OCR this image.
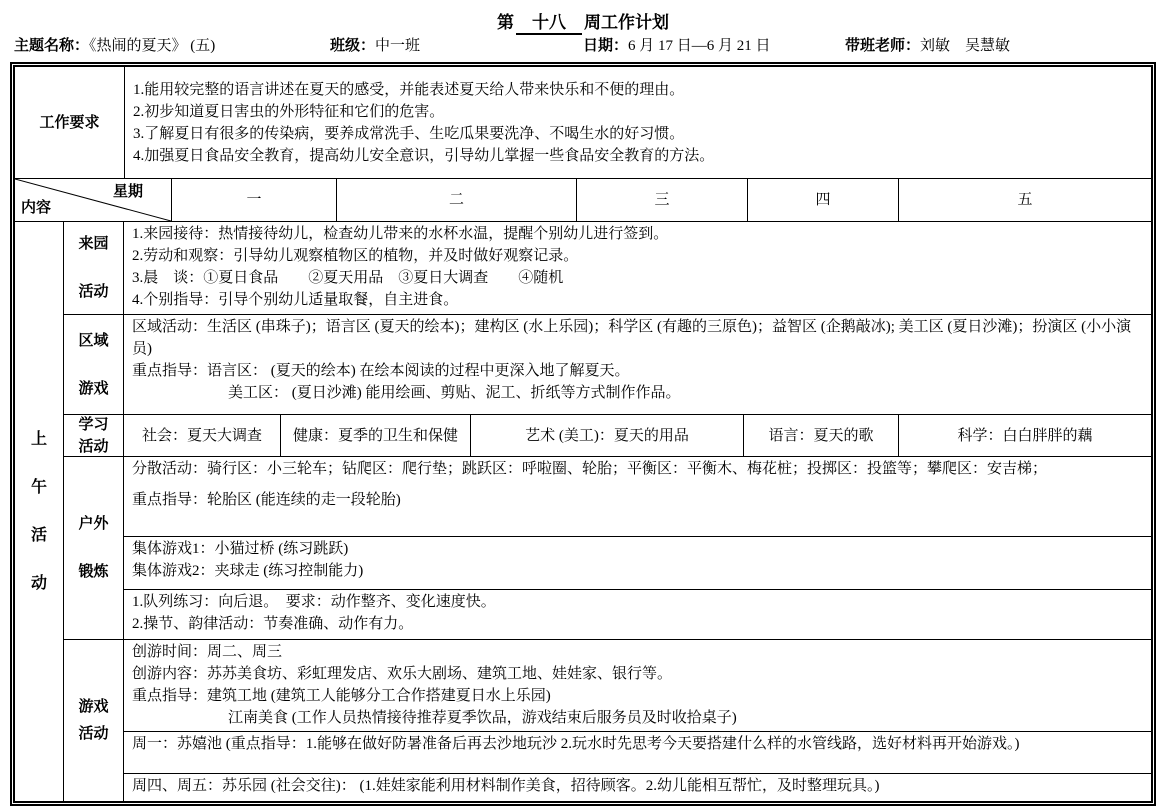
第 十八 周工作计划
主题名称：《热闹的夏天》 (五)	班级：中一班	日期：6 月 17 日—6 月 21 日	带班老师：刘敏　吴慧敏
工作要求
1.能用较完整的语言讲述在夏天的感受，并能表述夏天给人带来快乐和不便的理由。
2.初步知道夏日害虫的外形特征和它们的危害。
3.了解夏日有很多的传染病，要养成常洗手、生吃瓜果要洗净、不喝生水的好习惯。
4.加强夏日食品安全教育，提高幼儿安全意识，引导幼儿掌握一些食品安全教育的方法。
星期
内容	一	二	三	四	五
上
午
活
动
来园
活动
1.来园接待：热情接待幼儿，检查幼儿带来的水杯水温，提醒个别幼儿进行签到。
2.劳动和观察：引导幼儿观察植物区的植物，并及时做好观察记录。
3.晨　谈：①夏日食品　　②夏天用品　③夏日大调查　　④随机
4.个别指导：引导个别幼儿适量取餐，自主进食。
区域
游戏
区域活动：生活区 (串珠子)；语言区 (夏天的绘本)；建构区 (水上乐园)；科学区 (有趣的三原色)；益智区 (企鹅敲冰); 美工区 (夏日沙滩)；扮演区 (小小演员)
重点指导：语言区： (夏天的绘本) 在绘本阅读的过程中更深入地了解夏天。
美工区： (夏日沙滩) 能用绘画、剪贴、泥工、折纸等方式制作作品。
学习
活动
社会：夏天大调查	健康：夏季的卫生和保健	艺术 (美工)：夏天的用品	语言：夏天的歌	科学：白白胖胖的藕
户外
锻炼
分散活动：骑行区：小三轮车；钻爬区：爬行垫；跳跃区：呼啦圈、轮胎；平衡区：平衡木、梅花桩；投掷区：投篮等；攀爬区：安吉梯；
重点指导：轮胎区 (能连续的走一段轮胎)
集体游戏1：小猫过桥 (练习跳跃)
集体游戏2：夹球走 (练习控制能力)
1.队列练习：向后退。　要求：动作整齐、变化速度快。
2.操节、韵律活动：节奏准确、动作有力。
游戏
活动
创游时间：周二、周三
创游内容：苏苏美食坊、彩虹理发店、欢乐大剧场、建筑工地、娃娃家、银行等。
重点指导：建筑工地 (建筑工人能够分工合作搭建夏日水上乐园)
江南美食 (工作人员热情接待推荐夏季饮品，游戏结束后服务员及时收拾桌子)
周一：苏嬉池 (重点指导：1.能够在做好防暑准备后再去沙地玩沙 2.玩水时先思考今天要搭建什么样的水管线路，选好材料再开始游戏。)
周四、周五：苏乐园 (社会交往)： (1.娃娃家能利用材料制作美食，招待顾客。2.幼儿能相互帮忙，及时整理玩具。)
